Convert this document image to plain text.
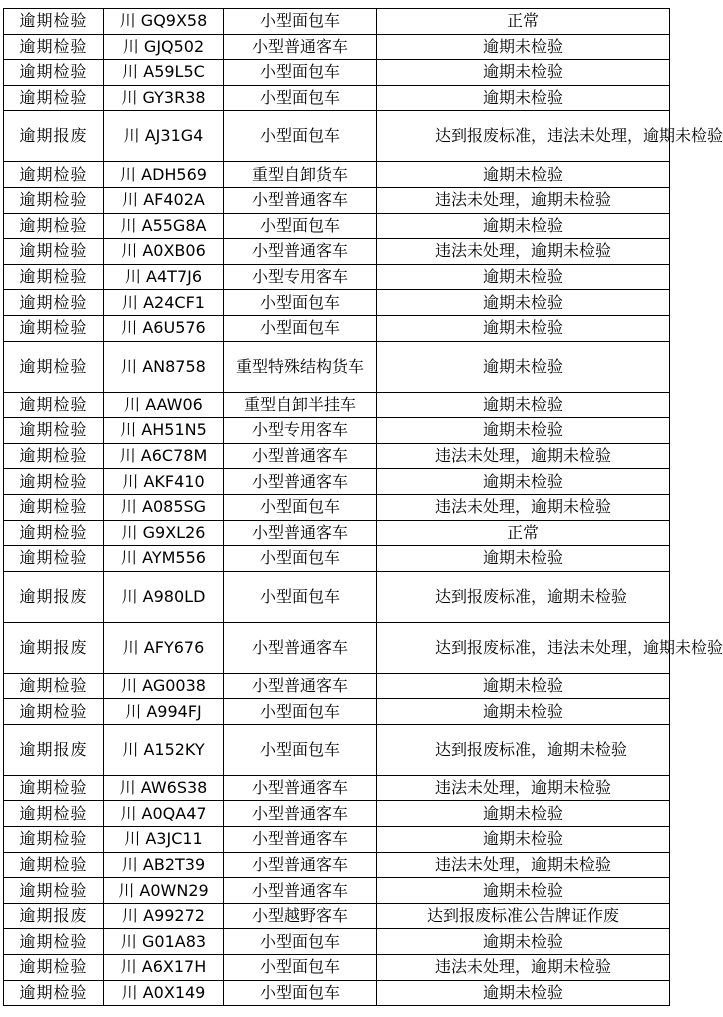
逾期检验	川 GQ9X58	小型面包车	正常
逾期检验	川 GJQ502	小型普通客车	逾期未检验
逾期检验	川 A59L5C	小型面包车	逾期未检验
逾期检验	川 GY3R38	小型面包车	逾期未检验
逾期报废	川 AJ31G4	小型面包车	达到报废标准，违法未处理，逾期未检验
逾期检验	川 ADH569	重型自卸货车	逾期未检验
逾期检验	川 AF402A	小型普通客车	违法未处理，逾期未检验
逾期检验	川 A55G8A	小型面包车	逾期未检验
逾期检验	川 A0XB06	小型普通客车	违法未处理，逾期未检验
逾期检验	川 A4T7J6	小型专用客车	逾期未检验
逾期检验	川 A24CF1	小型面包车	逾期未检验
逾期检验	川 A6U576	小型面包车	逾期未检验
逾期检验	川 AN8758	重型特殊结构货车	逾期未检验
逾期检验	川 AAW06	重型自卸半挂车	逾期未检验
逾期检验	川 AH51N5	小型专用客车	逾期未检验
逾期检验	川 A6C78M	小型普通客车	违法未处理，逾期未检验
逾期检验	川 AKF410	小型普通客车	逾期未检验
逾期检验	川 A085SG	小型面包车	违法未处理，逾期未检验
逾期检验	川 G9XL26	小型普通客车	正常
逾期检验	川 AYM556	小型面包车	逾期未检验
逾期报废	川 A980LD	小型面包车	达到报废标准，逾期未检验
逾期报废	川 AFY676	小型普通客车	达到报废标准，违法未处理，逾期未检验
逾期检验	川 AG0038	小型普通客车	逾期未检验
逾期检验	川 A994FJ	小型面包车	逾期未检验
逾期报废	川 A152KY	小型面包车	达到报废标准，逾期未检验
逾期检验	川 AW6S38	小型普通客车	违法未处理，逾期未检验
逾期检验	川 A0QA47	小型普通客车	逾期未检验
逾期检验	川 A3JC11	小型普通客车	逾期未检验
逾期检验	川 AB2T39	小型普通客车	违法未处理，逾期未检验
逾期检验	川 A0WN29	小型普通客车	逾期未检验
逾期报废	川 A99272	小型越野客车	达到报废标准公告牌证作废
逾期检验	川 G01A83	小型面包车	逾期未检验
逾期检验	川 A6X17H	小型面包车	违法未处理，逾期未检验
逾期检验	川 A0X149	小型面包车	逾期未检验
